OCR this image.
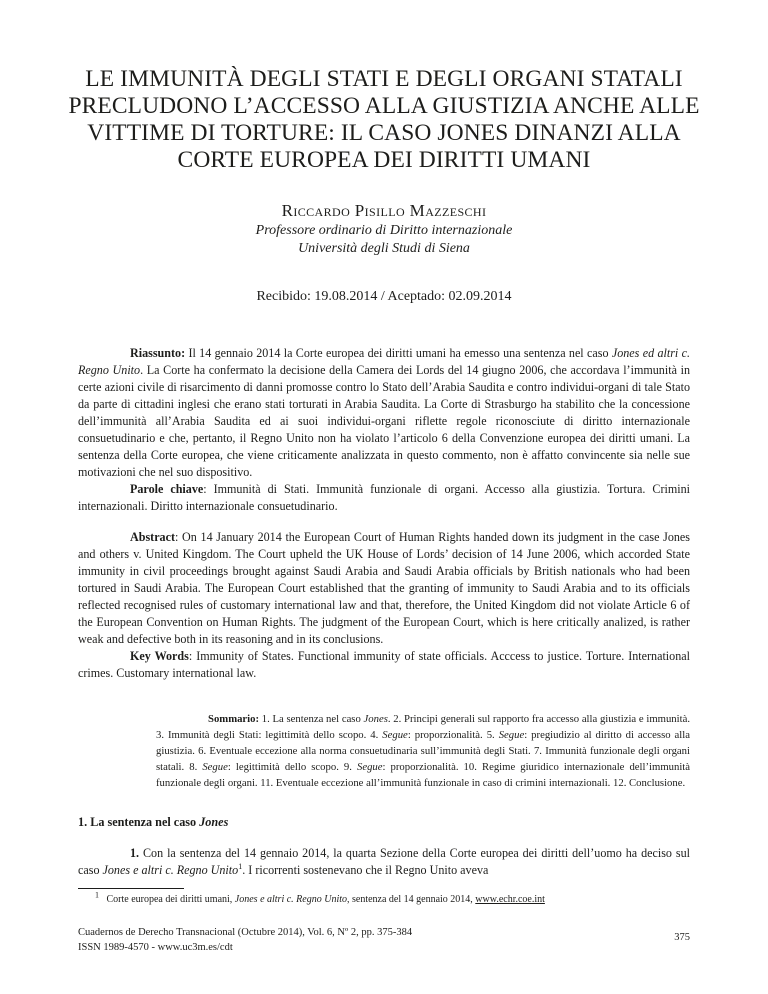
LE IMMUNITÀ DEGLI STATI E DEGLI ORGANI STATALI
PRECLUDONO L’ACCESSO ALLA GIUSTIZIA ANCHE ALLE
VITTIME DI TORTURE: IL CASO JONES DINANZI ALLA
CORTE EUROPEA DEI DIRITTI UMANI
Riccardo Pisillo Mazzeschi
Professore ordinario di Diritto internazionale
Università degli Studi di Siena
Recibido: 19.08.2014 / Aceptado: 02.09.2014

Riassunto: Il 14 gennaio 2014 la Corte europea dei diritti umani ha emesso una sentenza nel caso Jones ed altri c. Regno Unito. La Corte ha confermato la decisione della Camera dei Lords del 14 giugno 2006, che accordava l’immunità in certe azioni civile di risarcimento di danni promosse contro lo Stato dell’Arabia Saudita e contro individui-organi di tale Stato da parte di cittadini inglesi che erano stati torturati in Arabia Saudita. La Corte di Strasburgo ha stabilito che la concessione dell’immunità all’Arabia Saudita ed ai suoi individui-organi riflette regole riconosciute di diritto internazionale consuetudinario e che, pertanto, il Regno Unito non ha violato l’articolo 6 della Convenzione europea dei diritti umani. La sentenza della Corte europea, che viene criticamente analizzata in questo commento, non è affatto convincente sia nelle sue motivazioni che nel suo dispositivo.

Parole chiave: Immunità di Stati. Immunità funzionale di organi. Accesso alla giustizia. Tortura. Crimini internazionali. Diritto internazionale consuetudinario.

Abstract: On 14 January 2014 the European Court of Human Rights handed down its judgment in the case Jones and others v. United Kingdom. The Court upheld the UK House of Lords’ decision of 14 June 2006, which accorded State immunity in civil proceedings brought against Saudi Arabia and Saudi Arabia officials by British nationals who had been tortured in Saudi Arabia. The European Court established that the granting of immunity to Saudi Arabia and to its officials reflected recognised rules of customary international law and that, therefore, the United Kingdom did not violate Article 6 of the European Convention on Human Rights. The judgment of the European Court, which is here critically analized, is rather weak and defective both in its reasoning and in its conclusions.

Key Words: Immunity of States. Functional immunity of state officials. Acccess to justice. Torture. International crimes. Customary international law.

Sommario: 1. La sentenza nel caso Jones. 2. Principi generali sul rapporto fra accesso alla giustizia e immunità. 3. Immunità degli Stati: legittimità dello scopo. 4. Segue: proporzionalità. 5. Segue: pregiudizio al diritto di accesso alla giustizia. 6. Eventuale eccezione alla norma consuetudinaria sull’immunità degli Stati. 7. Immunità funzionale degli organi statali. 8. Segue: legittimità dello scopo. 9. Segue: proporzionalità. 10. Regime giuridico internazionale dell’immunità funzionale degli organi. 11. Eventuale eccezione all’immunità funzionale in caso di crimini internazionali. 12. Conclusione.
1. La sentenza nel caso Jones
1. Con la sentenza del 14 gennaio 2014, la quarta Sezione della Corte europea dei diritti dell’uomo ha deciso sul caso Jones e altri c. Regno Unito$^1$. I ricorrenti sostenevano che il Regno Unito aveva
$^1$ Corte europea dei diritti umani, Jones e altri c. Regno Unito, sentenza del 14 gennaio 2014, www.echr.coe.int
Cuadernos de Derecho Transnacional (Octubre 2014), Vol. 6, Nº 2, pp. 375-384
ISSN 1989-4570 - www.uc3m.es/cdt
375
